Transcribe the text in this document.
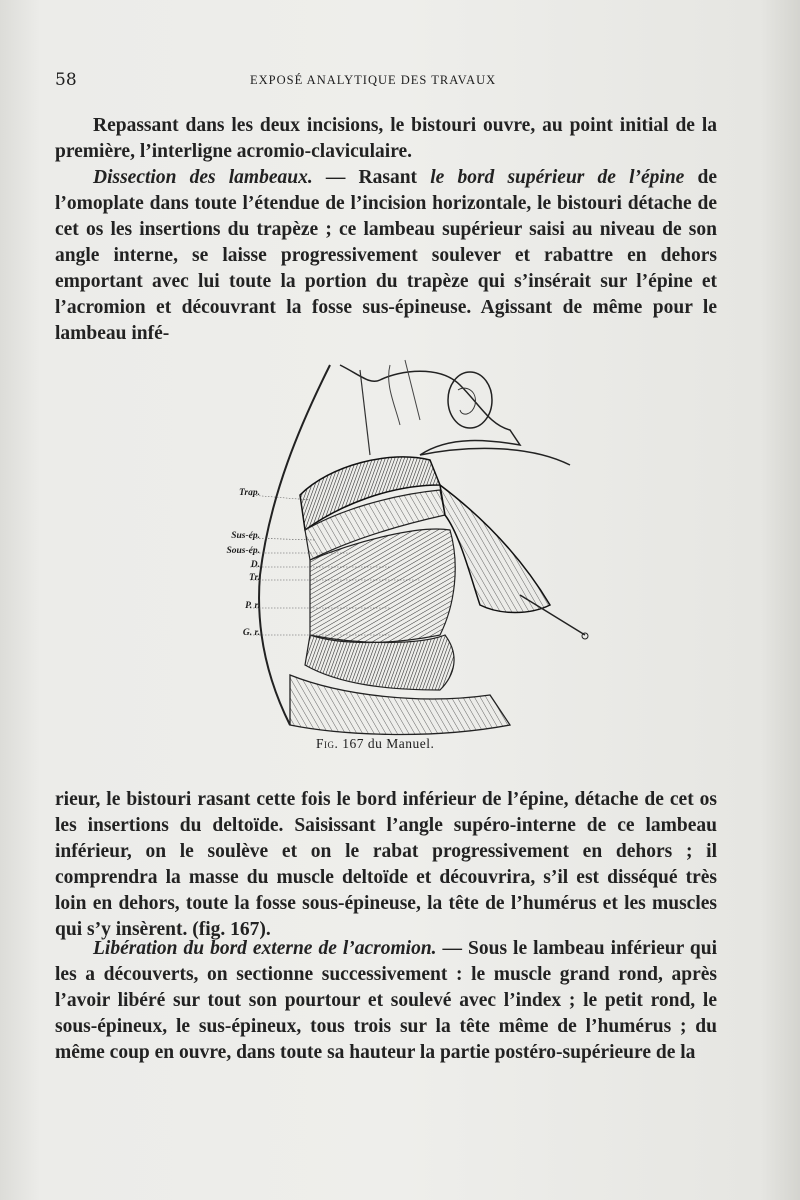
58	EXPOSÉ ANALYTIQUE DES TRAVAUX

Repassant dans les deux incisions, le bistouri ouvre, au point initial de la première, l’interligne acromio-claviculaire.

Dissection des lambeaux. — Rasant le bord supérieur de l’épine de l’omoplate dans toute l’étendue de l’incision horizontale, le bistouri détache de cet os les insertions du trapèze ; ce lambeau supérieur saisi au niveau de son angle interne, se laisse progressivement soulever et rabattre en dehors emportant avec lui toute la portion du trapèze qui s’insérait sur l’épine et l’acromion et découvrant la fosse sus-épineuse. Agissant de même pour le lambeau infé-

Trap.
Sus-ép.
Sous-ép.
D.
Tr.
P. r.
G. r.
Fig. 167 du Manuel.

rieur, le bistouri rasant cette fois le bord inférieur de l’épine, détache de cet os les insertions du deltoïde. Saisissant l’angle supéro-interne de ce lambeau inférieur, on le soulève et on le rabat progressivement en dehors ; il comprendra la masse du muscle deltoïde et découvrira, s’il est disséqué très loin en dehors, toute la fosse sous-épineuse, la tête de l’humérus et les muscles qui s’y insèrent. (fig. 167).

Libération du bord externe de l’acromion. — Sous le lambeau inférieur qui les a découverts, on sectionne successivement : le muscle grand rond, après l’avoir libéré sur tout son pourtour et soulevé avec l’index ; le petit rond, le sous-épineux, le sus-épineux, tous trois sur la tête même de l’humérus ; du même coup en ouvre, dans toute sa hauteur la partie postéro-supérieure de la
